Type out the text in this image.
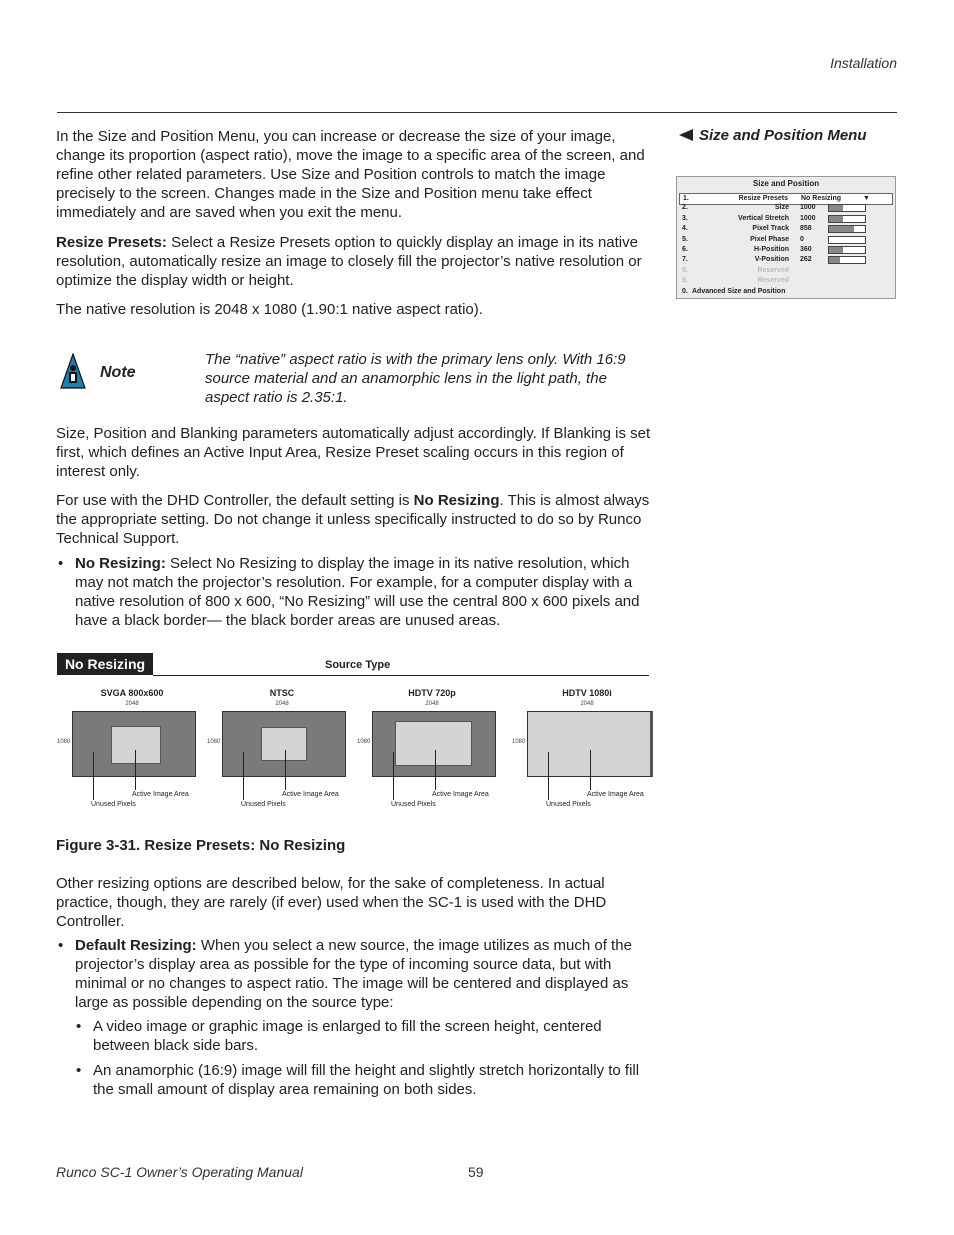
Installation

In the Size and Position Menu, you can increase or decrease the size of your image, change its proportion (aspect ratio), move the image to a specific area of the screen, and refine other related parameters. Use Size and Position controls to match the image precisely to the screen. Changes made in the Size and Position menu take effect immediately and are saved when you exit the menu.

Resize Presets: Select a Resize Presets option to quickly display an image in its native resolution, automatically resize an image to closely fill the projector’s native resolution or optimize the display width or height.

The native resolution is 2048 x 1080 (1.90:1 native aspect ratio).

Size and Position Menu
Size and Position
1.	Resize Presets No Resizing	▼
2.	Size 1000
3.	Vertical Stretch 1000
4.	Pixel Track 858
5.	Pixel Phase 0
6.	H-Position 360
7.	V-Position 262
8.	Reserved
9.	Reserved
0. Advanced Size and Position
Note
The “native” aspect ratio is with the primary lens only. With 16:9 source material and an anamorphic lens in the light path, the aspect ratio is 2.35:1.

Size, Position and Blanking parameters automatically adjust accordingly. If Blanking is set first, which defines an Active Input Area, Resize Preset scaling occurs in this region of interest only.

For use with the DHD Controller, the default setting is No Resizing. This is almost always the appropriate setting. Do not change it unless specifically instructed to do so by Runco Technical Support.

• No Resizing: Select No Resizing to display the image in its native resolution, which may not match the projector’s resolution. For example, for a computer display with a native resolution of 800 x 600, “No Resizing” will use the central 800 x 600 pixels and have a black border— the black border areas are unused areas.
No Resizing	Source Type
SVGA 800x600
2048
1080
Active Image Area
Unused Pixels
NTSC
2048
1080
Active Image Area
Unused Pixels
HDTV 720p
2048
1080
Active Image Area
Unused Pixels
HDTV 1080i
2048
1080
Active Image Area
Unused Pixels
Figure 3-31. Resize Presets: No Resizing

Other resizing options are described below, for the sake of completeness. In actual practice, though, they are rarely (if ever) used when the SC-1 is used with the DHD Controller.

• Default Resizing: When you select a new source, the image utilizes as much of the projector’s display area as possible for the type of incoming source data, but with minimal or no changes to aspect ratio. The image will be centered and displayed as large as possible depending on the source type:
• A video image or graphic image is enlarged to fill the screen height, centered between black side bars.
• An anamorphic (16:9) image will fill the height and slightly stretch horizontally to fill the small amount of display area remaining on both sides.
Runco SC-1 Owner’s Operating Manual	59
